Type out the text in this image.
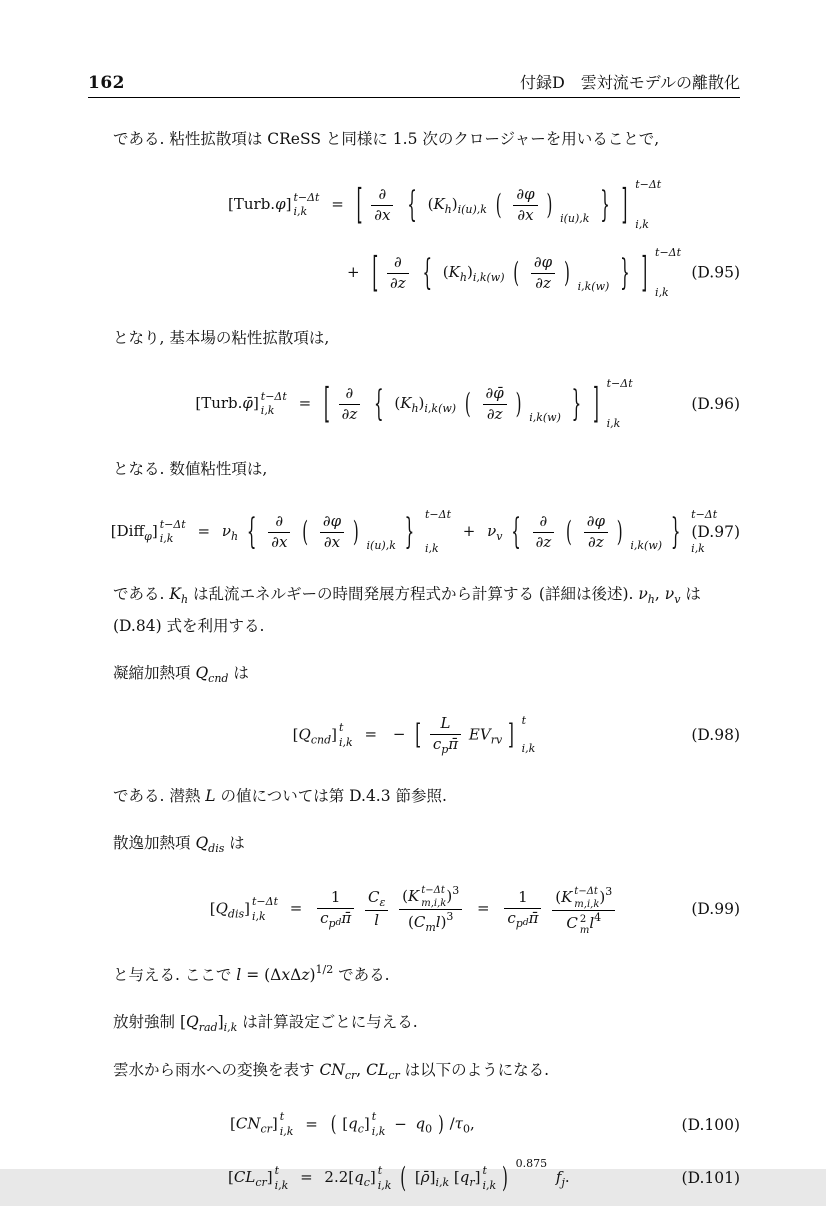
162	付録D　雲対流モデルの離散化

である. 粘性拡散項は CReSS と同様に 1.5 次のクロージャーを用いることで,

[Turb.φ] t−Δt
i,k	= [ $\frac{\partial}{\partial x}$ { $(K_h)_{i(u),k}$ ( $\frac{\partial\varphi}{\partial x}$ ) i(u),k } ] t−Δt
i,k
+ [ $\frac{\partial}{\partial z}$ { $(K_h)_{i,k(w)}$ ( $\frac{\partial\varphi}{\partial z}$ ) i,k(w) } ] t−Δt
i,k
(D.95)

となり, 基本場の粘性拡散項は,

[Turb.φ̄] t−Δt
i,k	= [ $\frac{\partial}{\partial z}$ { $(K_h)_{i,k(w)}$ ( $\frac{\partial\varphī}{\partial z}$ ) i,k(w) } ] t−Δt
i,k
(D.96)

となる. 数値粘性項は,

[Diff$_\varphi$] t−Δt
i,k	= $\nu_h$ { $\frac{\partial}{\partial x}$ ( $\frac{\partial\varphi}{\partial x}$ ) i(u),k } t−Δt
i,k
+ $\nu_v$ { $\frac{\partial}{\partial z}$ ( $\frac{\partial\varphi}{\partial z}$ ) i,k(w) } t−Δt
i,k
(D.97)

である. $K_h$ は乱流エネルギーの時間発展方程式から計算する (詳細は後述). $\nu_h$, $\nu_v$ は
(D.84) 式を利用する.

凝縮加熱項 $Q_{cnd}$ は

$[Q_{cnd}]$ t
i,k = − [ $\frac{L}{c_p\pī} EV_{rv}$ ] t
i,k
(D.98)

である. 潜熱 L の値については第 D.4.3 節参照.

散逸加熱項 $Q_{dis}$ は

$[Q_{dis}]$ t−Δt
i,k	= $\frac{1}{c_pd\pī}$
$\frac{C_\varepsilon}{l}$
(K t−Δt
m,i,k )$^3$
$(C_ml)^3 = \frac{1}{c_pd\pī}$
(K t−Δt
m,i,k )$^3$
C 2
m $l^4$	(D.99)

と与える. ここで $l = (\Delta x\Delta z)^{1/2}$ である.

放射強制 $[Q_{rad}]_{i,k}$ は計算設定ごとに与える.

雲水から雨水への変換を表す $CN_{cr}$, $CL_{cr}$ は以下のようになる.

$[CN_{cr}]$ t
i,k = ( $[q_c]$ t
$i,k - q_0$ ) $/\tau_0$,	(D.100)
$[CL_{cr}]$ t
$i,k = 2.2[q_c]$ t
i,k ( $[\rhō]_{i,k}$ $[q_r]$ t
i,k ) 0.875
$f_j$.	(D.101)
